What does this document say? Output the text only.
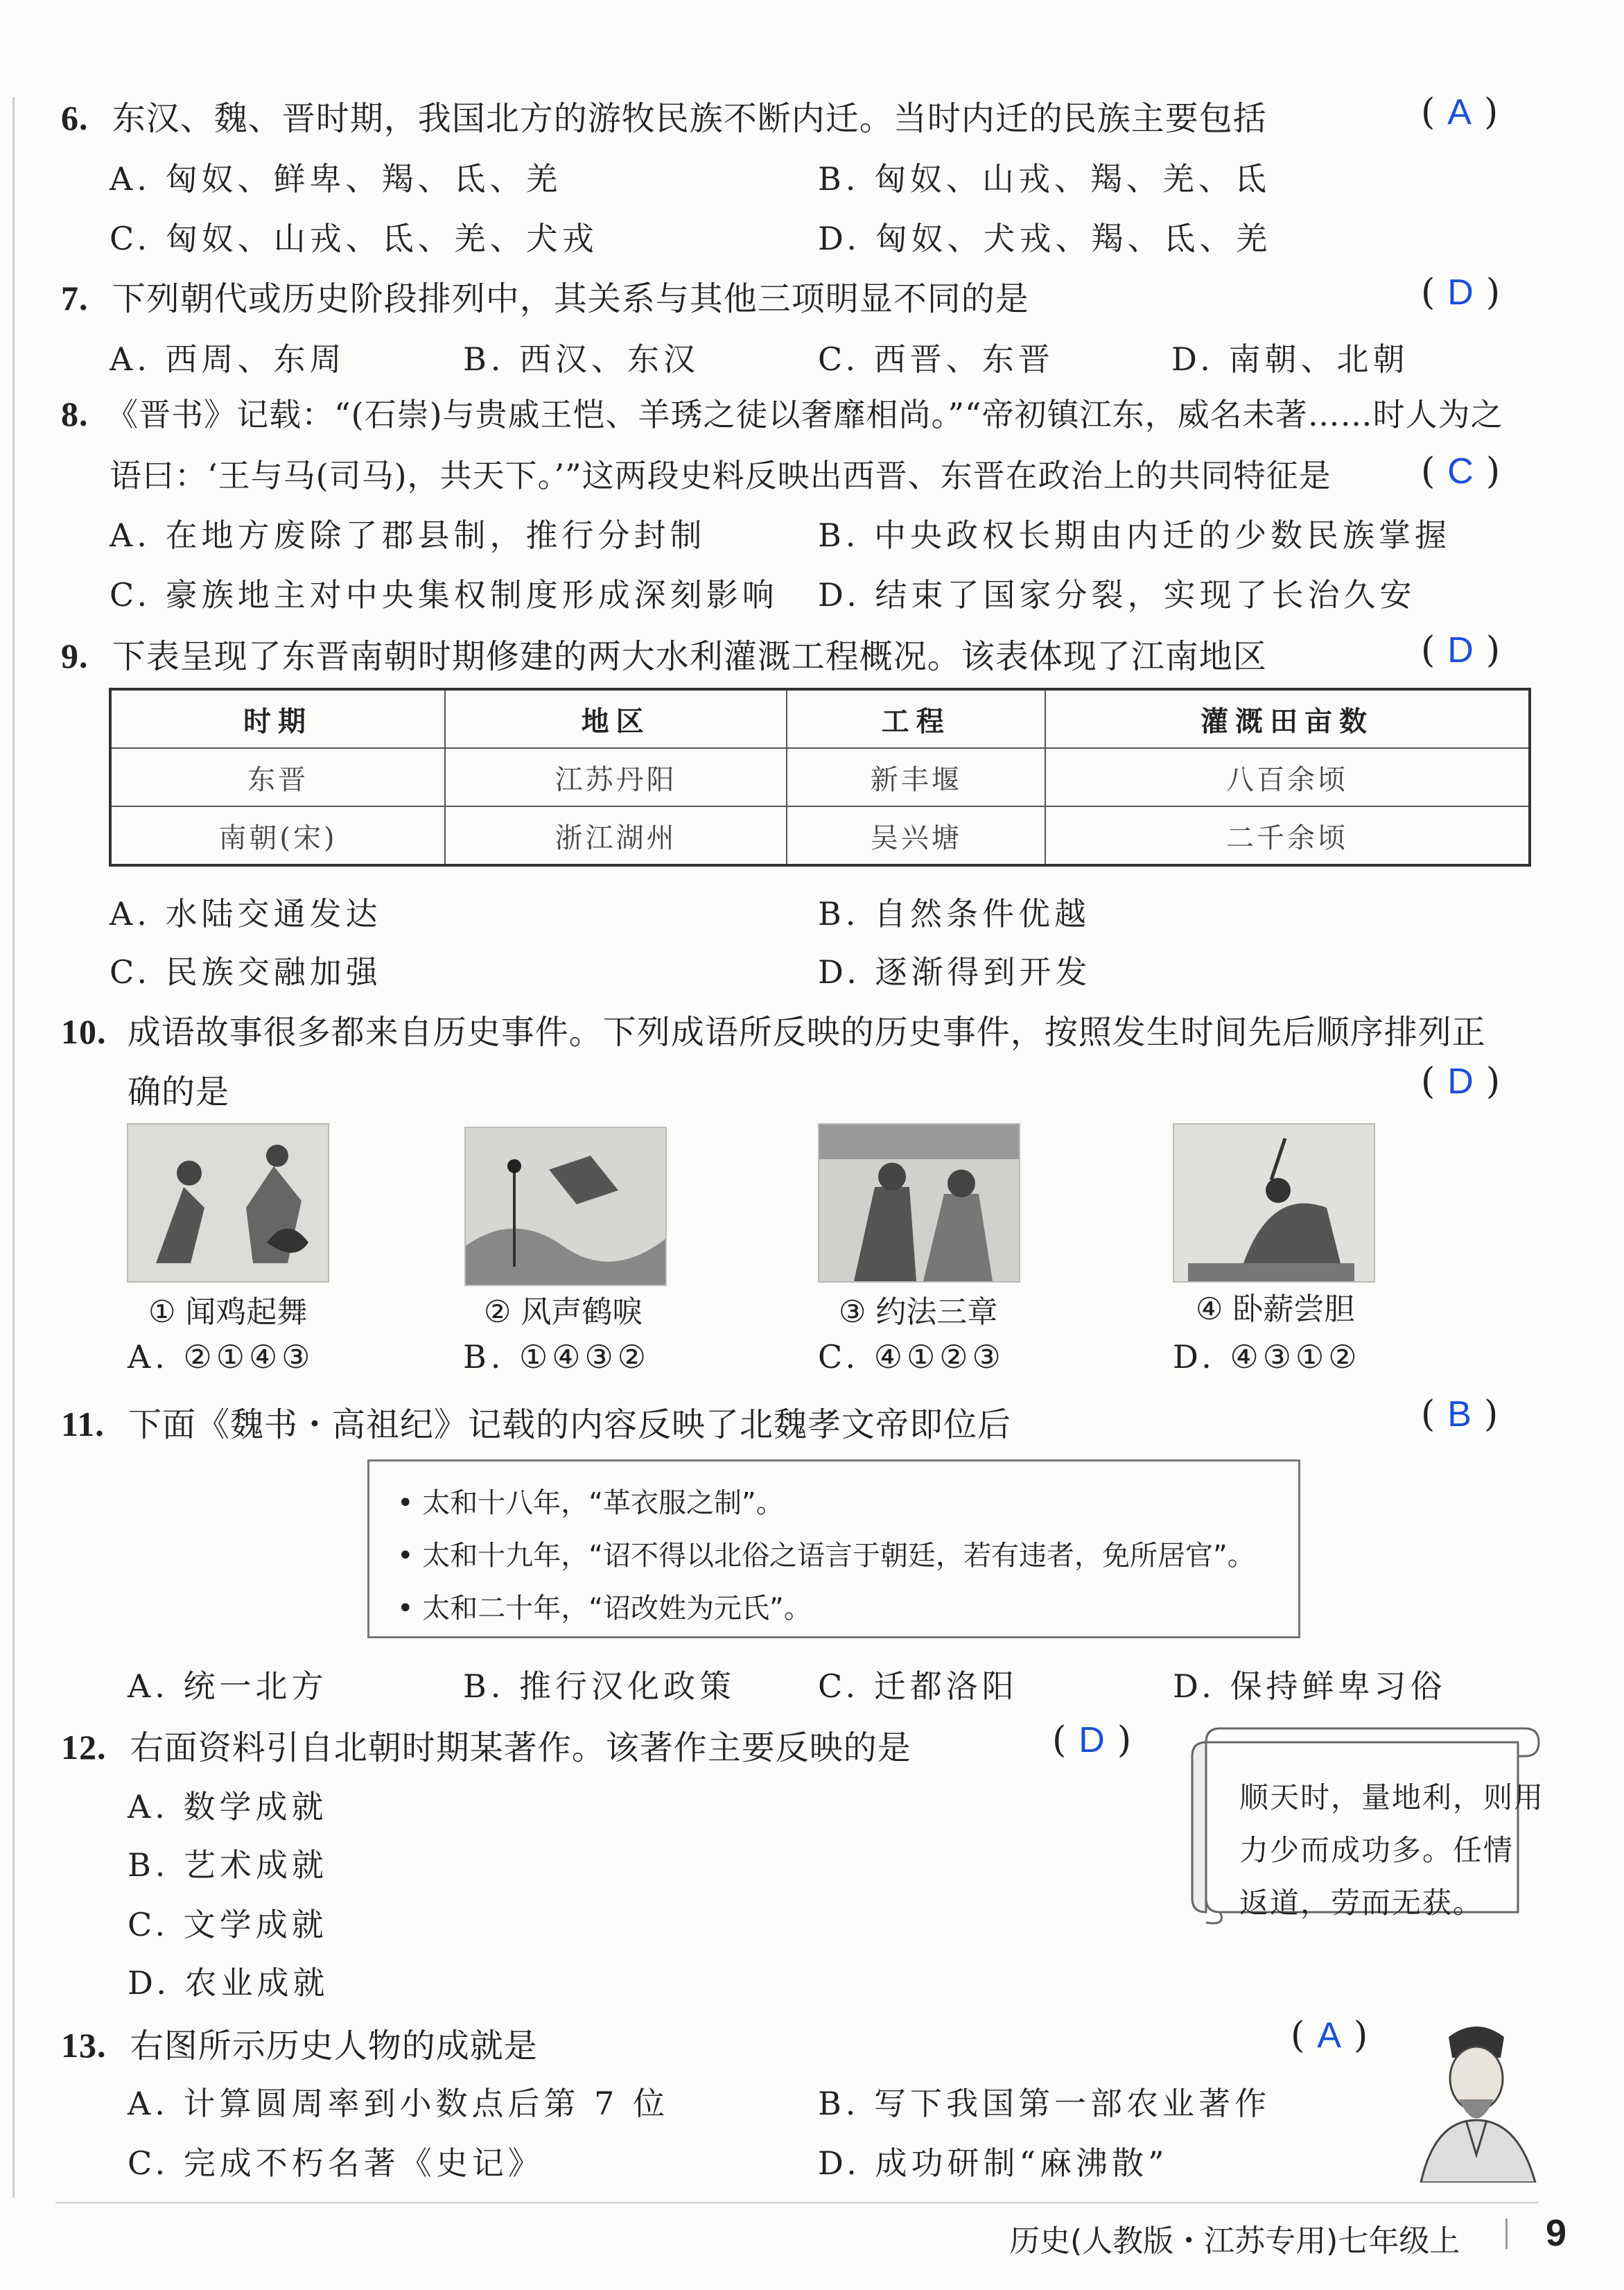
6. 东汉、魏、晋时期，我国北方的游牧民族不断内迁。当时内迁的民族主要包括	( A )
A. 匈奴、鲜卑、羯、氐、羌	B. 匈奴、山戎、羯、羌、氐
C. 匈奴、山戎、氐、羌、犬戎	D. 匈奴、犬戎、羯、氐、羌
7. 下列朝代或历史阶段排列中，其关系与其他三项明显不同的是	( D )
A. 西周、东周	B. 西汉、东汉	C. 西晋、东晋	D. 南朝、北朝
8. 《晋书》记载：“(石崇)与贵戚王恺、羊琇之徒以奢靡相尚。”“帝初镇江东，威名未著……时人为之
语曰：‘王与马(司马)，共天下。’”这两段史料反映出西晋、东晋在政治上的共同特征是 ( C )
A. 在地方废除了郡县制，推行分封制	B. 中央政权长期由内迁的少数民族掌握
C. 豪族地主对中央集权制度形成深刻影响 D. 结束了国家分裂，实现了长治久安
9. 下表呈现了东晋南朝时期修建的两大水利灌溉工程概况。该表体现了江南地区	( D )
时期	地区	工程	灌溉田亩数
东晋	江苏丹阳	新丰堰	八百余顷
南朝(宋)	浙江湖州	吴兴塘	二千余顷
A. 水陆交通发达	B. 自然条件优越
C. 民族交融加强	D. 逐渐得到开发
10. 成语故事很多都来自历史事件。下列成语所反映的历史事件，按照发生时间先后顺序排列正
确的是	( D )
① 闻鸡起舞	② 风声鹤唳	③ 约法三章	④ 卧薪尝胆
A. ②①④③	B. ①④③②	C. ④①②③	D. ④③①②
11. 下面《魏书・高祖纪》记载的内容反映了北魏孝文帝即位后	( B )
• 太和十八年，“革衣服之制”。
• 太和十九年，“诏不得以北俗之语言于朝廷，若有违者，免所居官”。
• 太和二十年，“诏改姓为元氏”。
A. 统一北方	B. 推行汉化政策	C. 迁都洛阳	D. 保持鲜卑习俗
12. 右面资料引自北朝时期某著作。该著作主要反映的是	( D )
顺天时，量地利，则用
力少而成功多。任情
返道，劳而无获。
A. 数学成就
B. 艺术成就
C. 文学成就
D. 农业成就
13. 右图所示历史人物的成就是	( A )
A. 计算圆周率到小数点后第 7 位	B. 写下我国第一部农业著作
C. 完成不朽名著《史记》	D. 成功研制“麻沸散”
历史(人教版・江苏专用)七年级上 9
